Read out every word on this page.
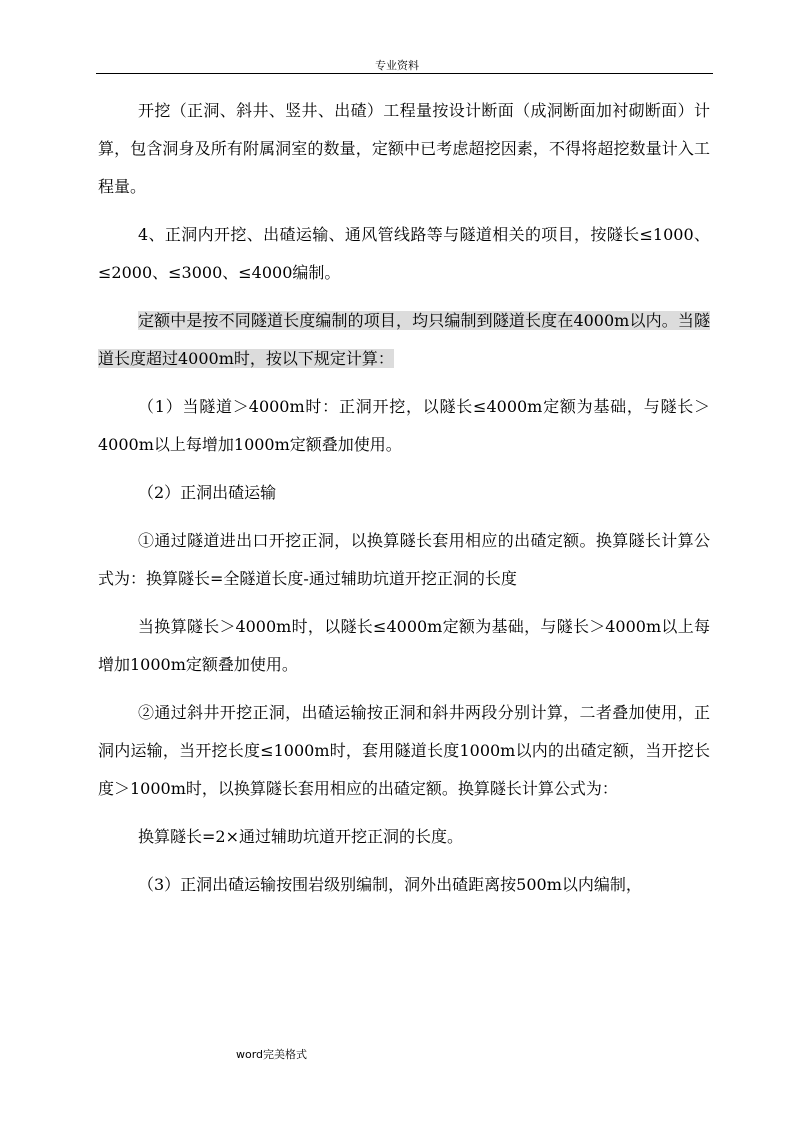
专业资料

开挖（正洞、斜井、竖井、出碴）工程量按设计断面（成洞断面加衬砌断面）计算，包含洞身及所有附属洞室的数量，定额中已考虑超挖因素，不得将超挖数量计入工程量。

4、正洞内开挖、出碴运输、通风管线路等与隧道相关的项目，按隧长≤1000、≤2000、≤3000、≤4000编制。

定额中是按不同隧道长度编制的项目，均只编制到隧道长度在4000m以内。当隧道长度超过4000m时，按以下规定计算：

（1）当隧道＞4000m时：正洞开挖，以隧长≤4000m定额为基础，与隧长＞4000m以上每增加1000m定额叠加使用。

（2）正洞出碴运输

①通过隧道进出口开挖正洞，以换算隧长套用相应的出碴定额。换算隧长计算公式为：换算隧长=全隧道长度-通过辅助坑道开挖正洞的长度

当换算隧长＞4000m时，以隧长≤4000m定额为基础，与隧长＞4000m以上每增加1000m定额叠加使用。

②通过斜井开挖正洞，出碴运输按正洞和斜井两段分别计算，二者叠加使用，正洞内运输，当开挖长度≤1000m时，套用隧道长度1000m以内的出碴定额，当开挖长度＞1000m时，以换算隧长套用相应的出碴定额。换算隧长计算公式为：

换算隧长=2×通过辅助坑道开挖正洞的长度。

（3）正洞出碴运输按围岩级别编制，洞外出碴距离按500m以内编制，

word完美格式
